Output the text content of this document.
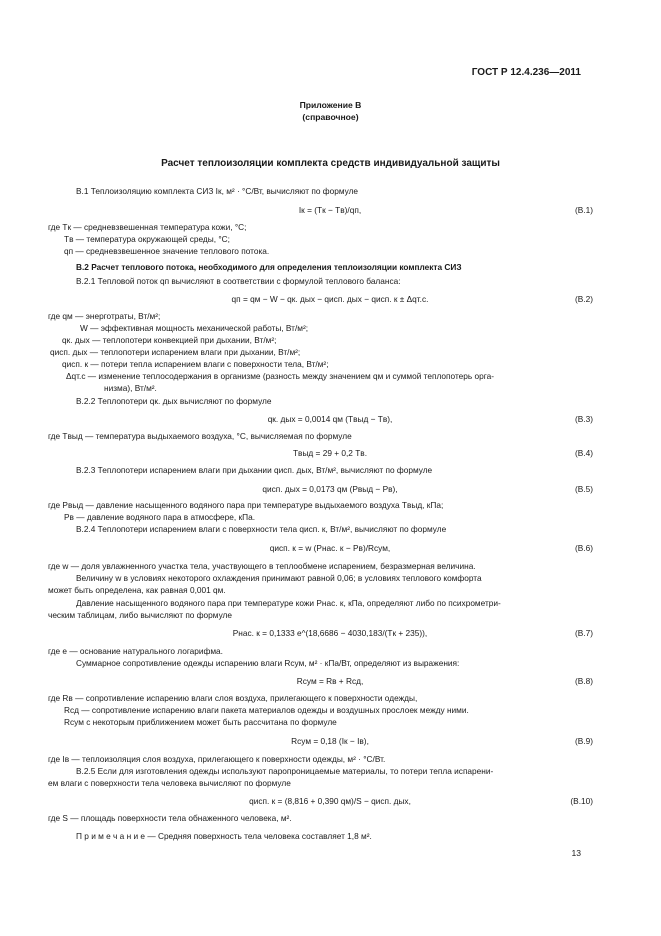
ГОСТ Р 12.4.236—2011
Приложение В
(справочное)
Расчет теплоизоляции комплекта средств индивидуальной защиты
В.1 Теплоизоляцию комплекта СИЗ Iк, м² · °С/Вт, вычисляют по формуле
Iк = (Tк − Tв)/qп,	(В.1)
где Tк — средневзвешенная температура кожи, °С;
Tв — температура окружающей среды, °С;
qп — средневзвешенное значение теплового потока.
В.2 Расчет теплового потока, необходимого для определения теплоизоляции комплекта СИЗ
В.2.1 Тепловой поток qп вычисляют в соответствии с формулой теплового баланса:
qп = qм − W − qк. дых − qисп. дых − qисп. к ± Δqт.с.	(В.2)
где qм — энерготраты, Вт/м²;
W — эффективная мощность механической работы, Вт/м²;
qк. дых — теплопотери конвекцией при дыхании, Вт/м²;
qисп. дых — теплопотери испарением влаги при дыхании, Вт/м²;
qисп. к — потери тепла испарением влаги с поверхности тела, Вт/м²;
Δqт.с — изменение теплосодержания в организме (разность между значением qм и суммой теплопотерь орга-
низма), Вт/м².
В.2.2 Теплопотери qк. дых вычисляют по формуле
qк. дых = 0,0014 qм (Tвыд − Tв),	(В.3)
где Tвыд — температура выдыхаемого воздуха, °С, вычисляемая по формуле
Tвыд = 29 + 0,2 Tв.	(В.4)
В.2.3 Теплопотери испарением влаги при дыхании qисп. дых, Вт/м², вычисляют по формуле
qисп. дых = 0,0173 qм (Pвыд − Pв),	(В.5)
где Pвыд — давление насыщенного водяного пара при температуре выдыхаемого воздуха Tвыд, кПа;
Pв — давление водяного пара в атмосфере, кПа.
В.2.4 Теплопотери испарением влаги с поверхности тела qисп. к, Вт/м², вычисляют по формуле
qисп. к = w (Pнас. к − Pв)/Rсум,	(В.6)
где w — доля увлажненного участка тела, участвующего в теплообмене испарением, безразмерная величина.
Величину w в условиях некоторого охлаждения принимают равной 0,06; в условиях теплового комфорта
может быть определена, как равная 0,001 qм.
Давление насыщенного водяного пара при температуре кожи Pнас. к, кПа, определяют либо по психрометри-
ческим таблицам, либо вычисляют по формуле
Pнас. к = 0,1333 e^(18,6686 − 4030,183/(Tк + 235)),	(В.7)
где e — основание натурального логарифма.
Суммарное сопротивление одежды испарению влаги Rсум, м² · кПа/Вт, определяют из выражения:
Rсум = Rв + Rсд,	(В.8)
где Rв — сопротивление испарению влаги слоя воздуха, прилегающего к поверхности одежды,
Rсд — сопротивление испарению влаги пакета материалов одежды и воздушных прослоек между ними.
Rсум с некоторым приближением может быть рассчитана по формуле
Rсум = 0,18 (Iк − Iв),	(В.9)
где Iв — теплоизоляция слоя воздуха, прилегающего к поверхности одежды, м² · °С/Вт.
В.2.5 Если для изготовления одежды используют паропроницаемые материалы, то потери тепла испарени-
ем влаги с поверхности тела человека вычисляют по формуле
qисп. к = (8,816 + 0,390 qм)/S − qисп. дых,	(В.10)
где S — площадь поверхности тела обнаженного человека, м².
П р и м е ч а н и е — Средняя поверхность тела человека составляет 1,8 м².
13
